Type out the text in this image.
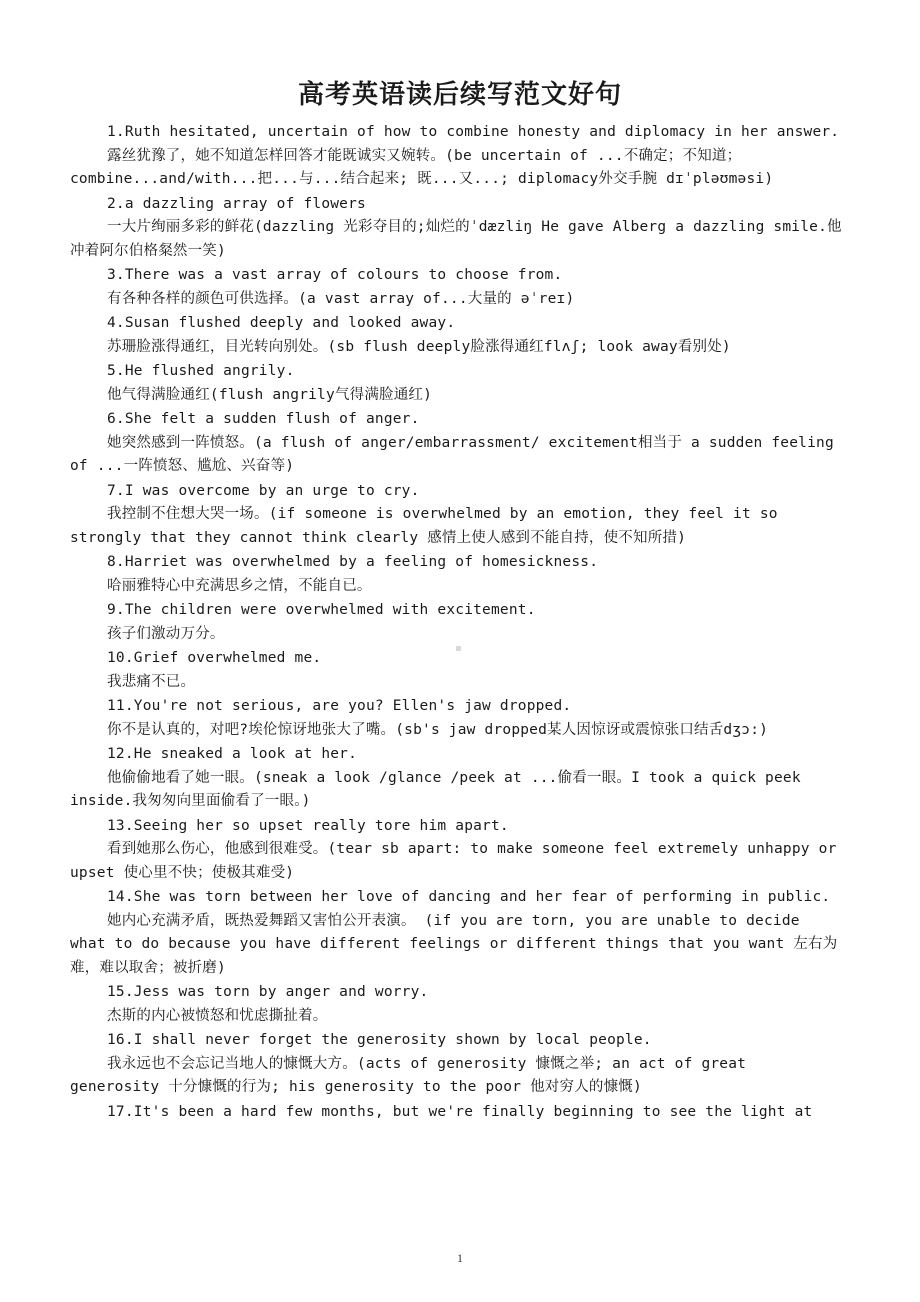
高考英语读后续写范文好句
1.Ruth hesitated, uncertain of how to combine honesty and diplomacy in her answer.
露丝犹豫了，她不知道怎样回答才能既诚实又婉转。(be uncertain of ...不确定；不知道；combine...and/with...把...与...结合起来; 既...又...; diplomacy外交手腕 dɪˈpləʊməsi)
2.a dazzling array of flowers
一大片绚丽多彩的鲜花(dazzling 光彩夺目的;灿烂的ˈdæzliŋ He gave Alberg a dazzling smile.他冲着阿尔伯格粲然一笑)
3.There was a vast array of colours to choose from.
有各种各样的颜色可供选择。(a vast array of...大量的 əˈreɪ)
4.Susan flushed deeply and looked away.
苏珊脸涨得通红，目光转向别处。(sb flush deeply脸涨得通红flʌʃ; look away看别处)
5.He flushed angrily.
他气得满脸通红(flush angrily气得满脸通红)
6.She felt a sudden flush of anger.
她突然感到一阵愤怒。(a flush of anger/embarrassment/ excitement相当于 a sudden feeling of ...一阵愤怒、尴尬、兴奋等)
7.I was overcome by an urge to cry.
我控制不住想大哭一场。(if someone is overwhelmed by an emotion, they feel it so strongly that they cannot think clearly 感情上使人感到不能自持，使不知所措)
8.Harriet was overwhelmed by a feeling of homesickness.
哈丽雅特心中充满思乡之情，不能自已。
9.The children were overwhelmed with excitement.
孩子们激动万分。
10.Grief overwhelmed me.
我悲痛不已。
11.You're not serious, are you? Ellen's jaw dropped.
你不是认真的，对吧?埃伦惊讶地张大了嘴。(sb's jaw dropped某人因惊讶或震惊张口结舌dʒɔ:)
12.He sneaked a look at her.
他偷偷地看了她一眼。(sneak a look /glance /peek at ...偷看一眼。I took a quick peek inside.我匆匆向里面偷看了一眼。)
13.Seeing her so upset really tore him apart.
看到她那么伤心，他感到很难受。(tear sb apart: to make someone feel extremely unhappy or upset 使心里不快；使极其难受)
14.She was torn between her love of dancing and her fear of performing in public.
她内心充满矛盾，既热爱舞蹈又害怕公开表演。 (if you are torn, you are unable to decide what to do because you have different feelings or different things that you want 左右为难，难以取舍；被折磨)
15.Jess was torn by anger and worry.
杰斯的内心被愤怒和忧虑撕扯着。
16.I shall never forget the generosity shown by local people.
我永远也不会忘记当地人的慷慨大方。(acts of generosity 慷慨之举; an act of great generosity 十分慷慨的行为; his generosity to the poor 他对穷人的慷慨)
17.It's been a hard few months, but we're finally beginning to see the light at
1
